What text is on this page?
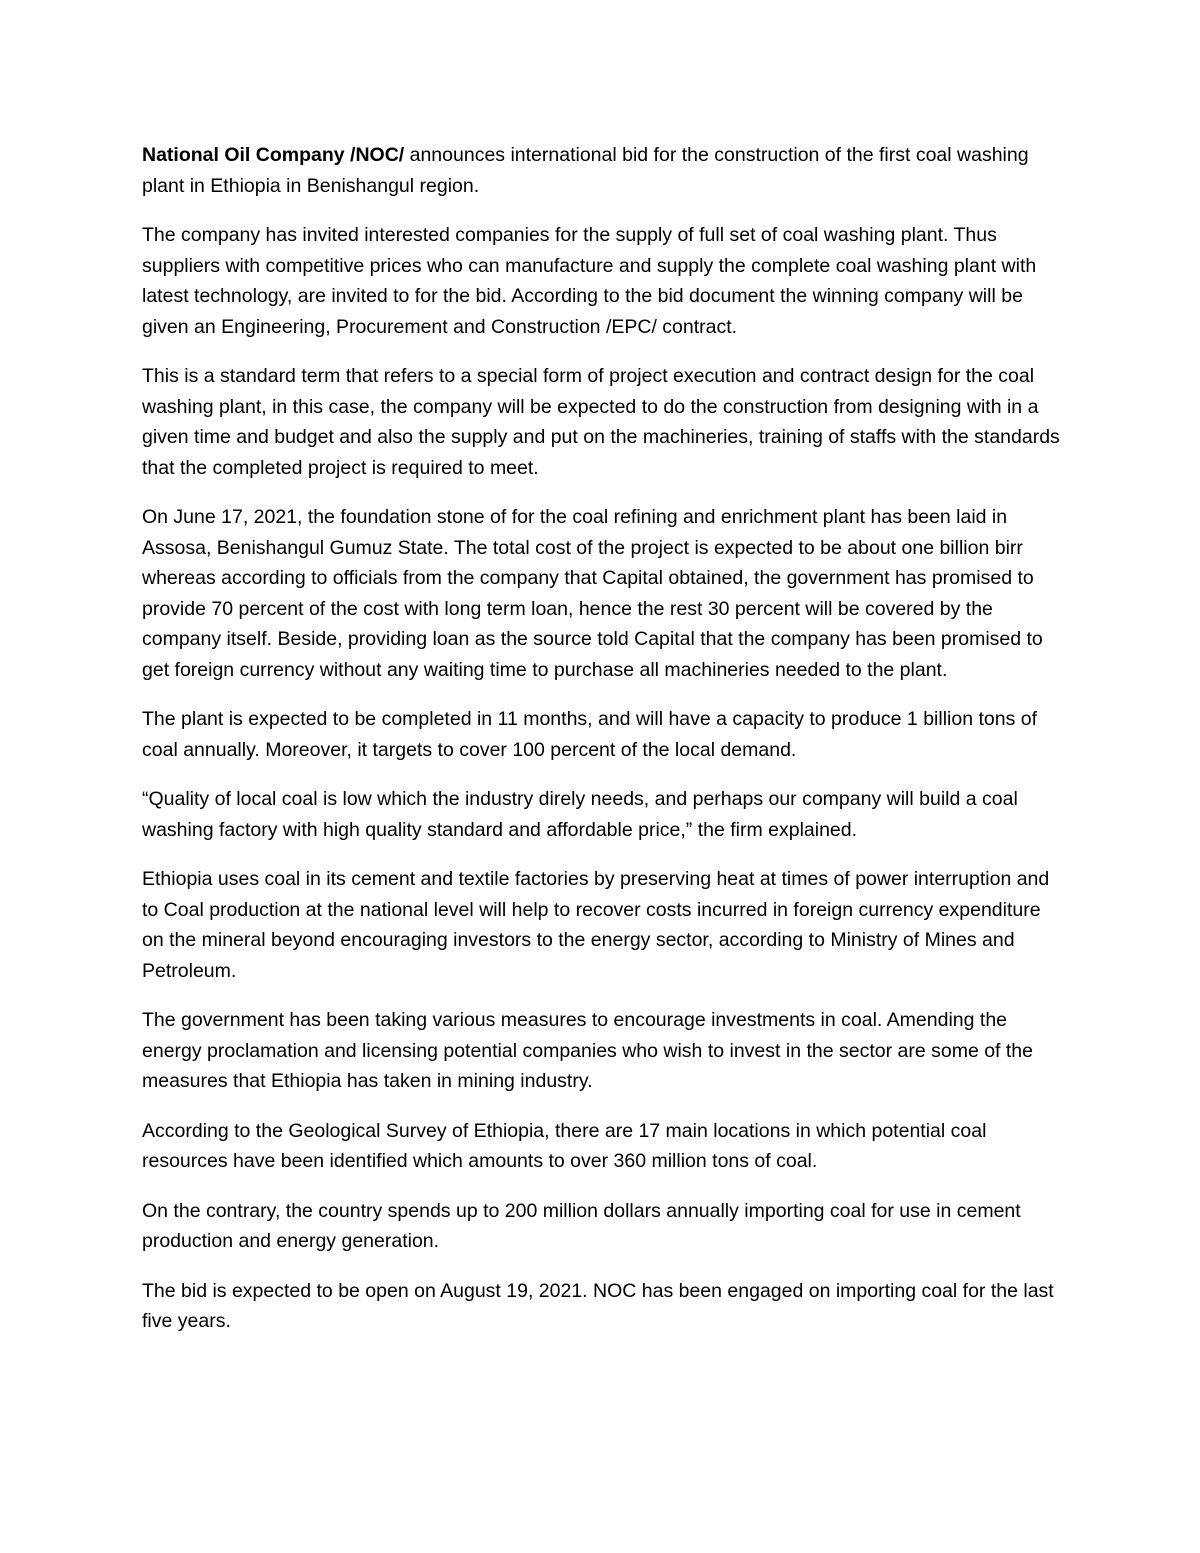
National Oil Company /NOC/ announces international bid for the construction of the first coal washing plant in Ethiopia in Benishangul region.

The company has invited interested companies for the supply of full set of coal washing plant. Thus suppliers with competitive prices who can manufacture and supply the complete coal washing plant with latest technology, are invited to for the bid. According to the bid document the winning company will be given an Engineering, Procurement and Construction /EPC/ contract.

This is a standard term that refers to a special form of project execution and contract design for the coal washing plant, in this case, the company will be expected to do the construction from designing with in a given time and budget and also the supply and put on the machineries, training of staffs with the standards that the completed project is required to meet.

On June 17, 2021, the foundation stone of for the coal refining and enrichment plant has been laid in Assosa, Benishangul Gumuz State. The total cost of the project is expected to be about one billion birr whereas according to officials from the company that Capital obtained, the government has promised to provide 70 percent of the cost with long term loan, hence the rest 30 percent will be covered by the company itself. Beside, providing loan as the source told Capital that the company has been promised to get foreign currency without any waiting time to purchase all machineries needed to the plant.

The plant is expected to be completed in 11 months, and will have a capacity to produce 1 billion tons of coal annually. Moreover, it targets to cover 100 percent of the local demand.

“Quality of local coal is low which the industry direly needs, and perhaps our company will build a coal washing factory with high quality standard and affordable price,” the firm explained.

Ethiopia uses coal in its cement and textile factories by preserving heat at times of power interruption and to Coal production at the national level will help to recover costs incurred in foreign currency expenditure on the mineral beyond encouraging investors to the energy sector, according to Ministry of Mines and Petroleum.

The government has been taking various measures to encourage investments in coal. Amending the energy proclamation and licensing potential companies who wish to invest in the sector are some of the measures that Ethiopia has taken in mining industry.

According to the Geological Survey of Ethiopia, there are 17 main locations in which potential coal resources have been identified which amounts to over 360 million tons of coal.

On the contrary, the country spends up to 200 million dollars annually importing coal for use in cement production and energy generation.

The bid is expected to be open on August 19, 2021. NOC has been engaged on importing coal for the last five years.
